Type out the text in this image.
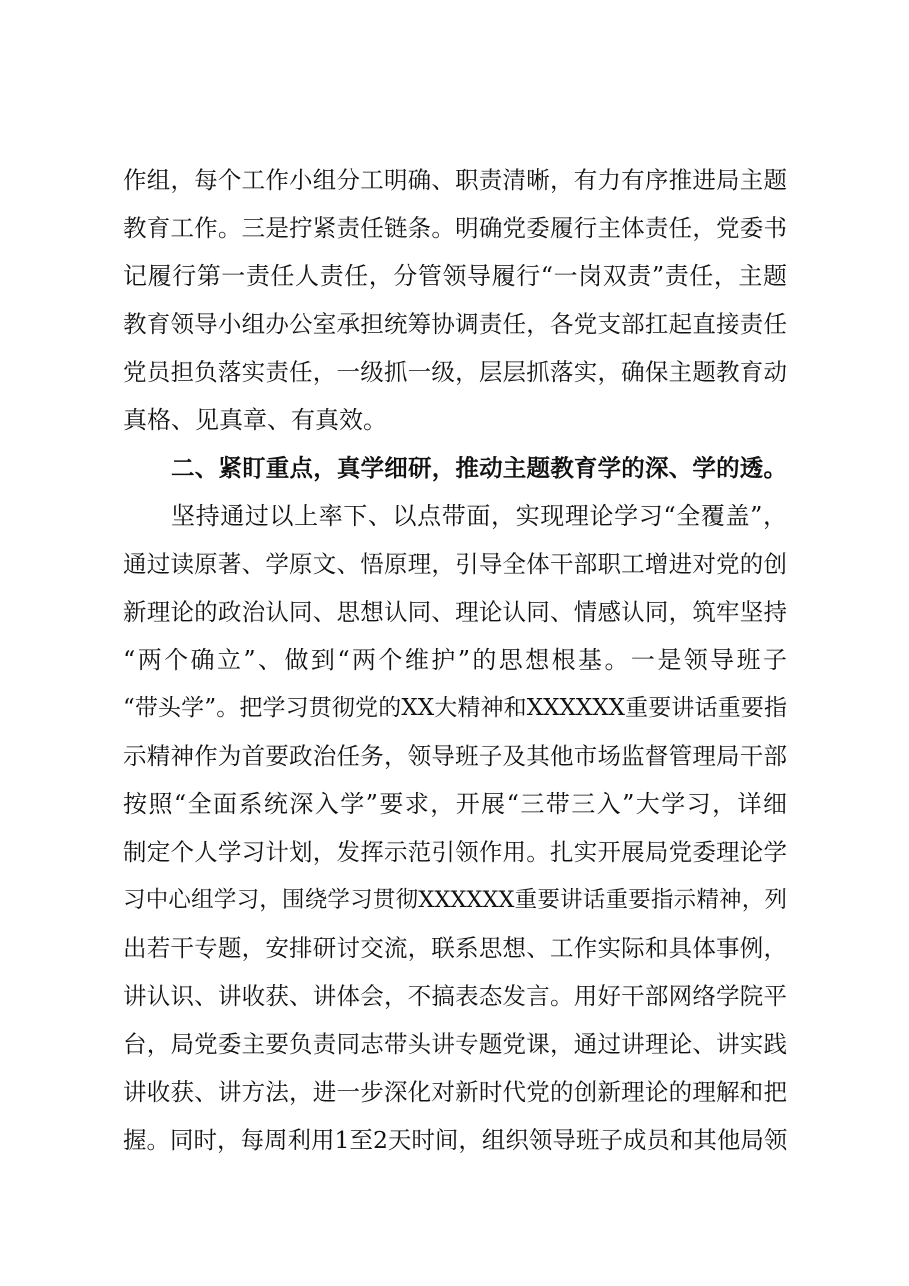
作组，每个工作小组分工明确、职责清晰，有力有序推进局主题
教育工作。三是拧紧责任链条。明确党委履行主体责任，党委书
记履行第一责任人责任，分管领导履行“一岗双责”责任，主题
教育领导小组办公室承担统筹协调责任，各党支部扛起直接责任
党员担负落实责任，一级抓一级，层层抓落实，确保主题教育动
真格、见真章、有真效。
二、紧盯重点，真学细研，推动主题教育学的深、学的透。
坚持通过以上率下、以点带面，实现理论学习“全覆盖”，
通过读原著、学原文、悟原理，引导全体干部职工增进对党的创
新理论的政治认同、思想认同、理论认同、情感认同，筑牢坚持
“两个确立”、做到“两个维护”的思想根基。一是领导班子
“带头学”。把学习贯彻党的XX大精神和XXXXXX重要讲话重要指
示精神作为首要政治任务，领导班子及其他市场监督管理局干部
按照“全面系统深入学”要求，开展“三带三入”大学习，详细
制定个人学习计划，发挥示范引领作用。扎实开展局党委理论学
习中心组学习，围绕学习贯彻XXXXXX重要讲话重要指示精神，列
出若干专题，安排研讨交流，联系思想、工作实际和具体事例，
讲认识、讲收获、讲体会，不搞表态发言。用好干部网络学院平
台，局党委主要负责同志带头讲专题党课，通过讲理论、讲实践
讲收获、讲方法，进一步深化对新时代党的创新理论的理解和把
握。同时，每周利用1至2天时间，组织领导班子成员和其他局领
